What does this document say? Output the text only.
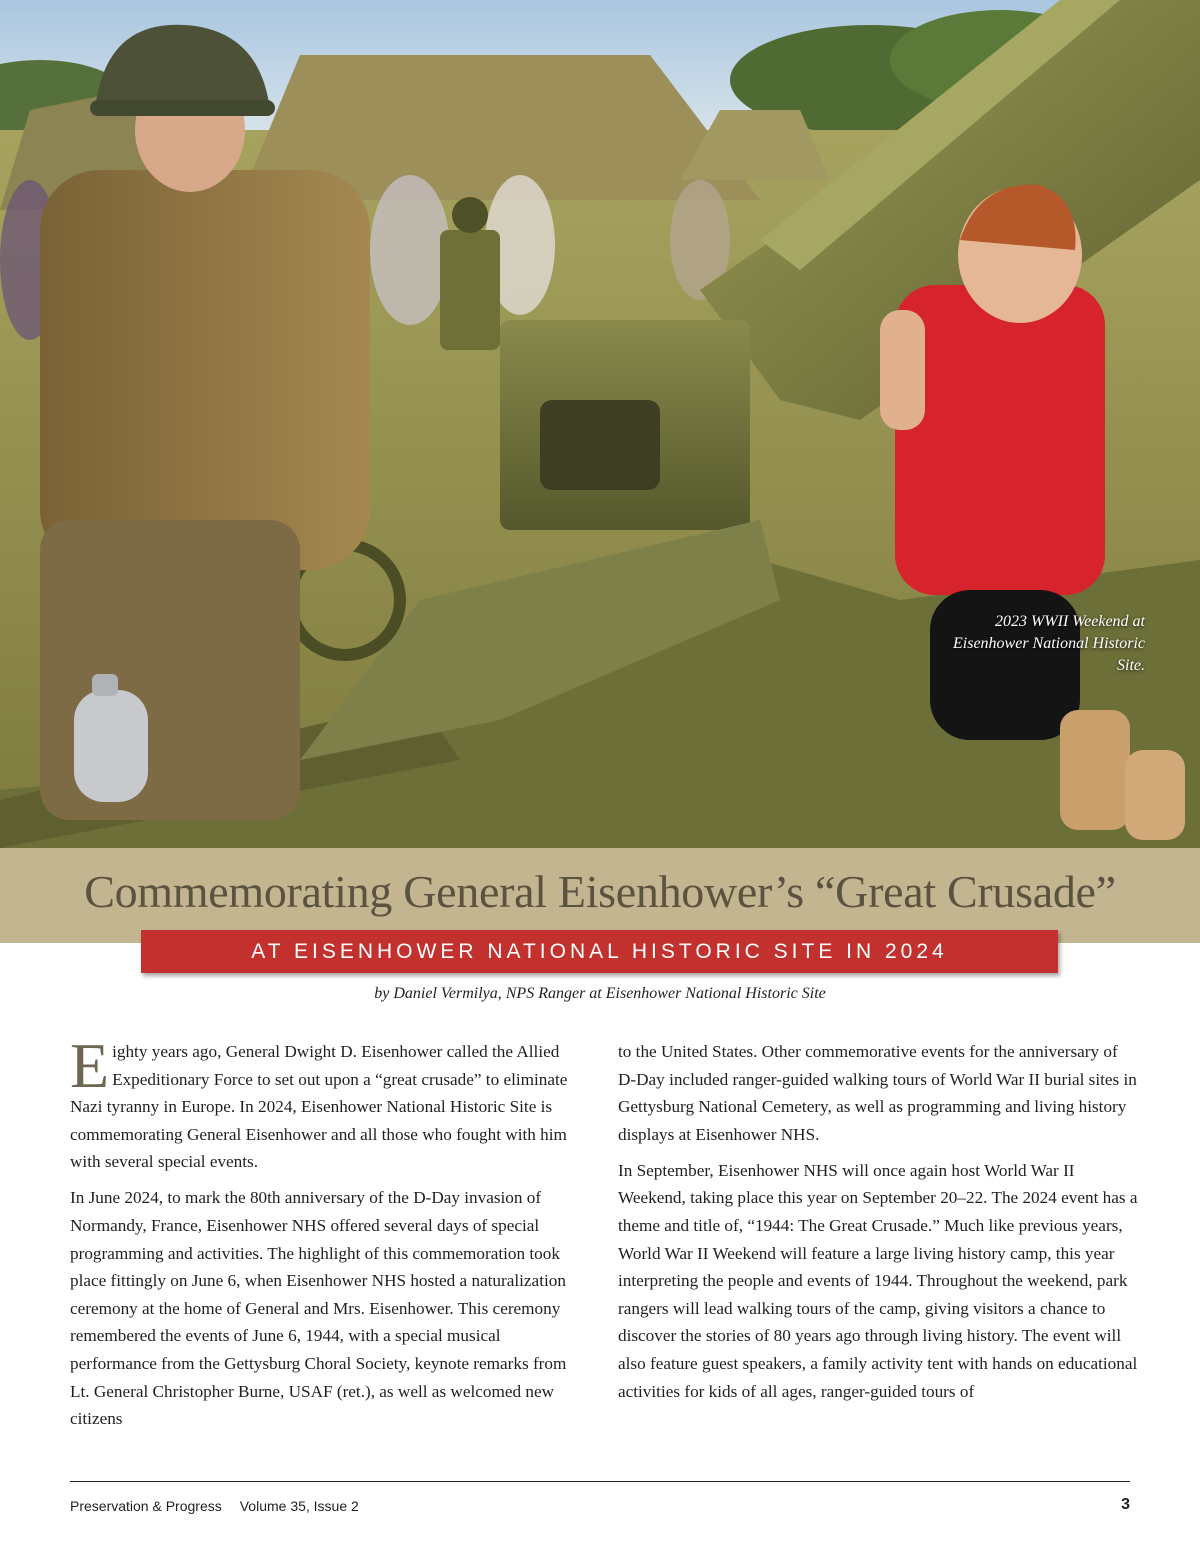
2023 WWII Weekend at Eisenhower National Historic Site.
Commemorating General Eisenhower’s “Great Crusade”
AT EISENHOWER NATIONAL HISTORIC SITE IN 2024
by Daniel Vermilya, NPS Ranger at Eisenhower National Historic Site

Eighty years ago, General Dwight D. Eisenhower called the Allied Expeditionary Force to set out upon a “great crusade” to eliminate Nazi tyranny in Europe. In 2024, Eisenhower National Historic Site is commemorating General Eisenhower and all those who fought with him with several special events.

In June 2024, to mark the 80th anniversary of the D-Day invasion of Normandy, France, Eisenhower NHS offered several days of special programming and activities. The highlight of this commemoration took place fittingly on June 6, when Eisenhower NHS hosted a naturalization ceremony at the home of General and Mrs. Eisenhower. This ceremony remembered the events of June 6, 1944, with a special musical performance from the Gettysburg Choral Society, keynote remarks from Lt. General Christopher Burne, USAF (ret.), as well as welcomed new citizens

to the United States. Other commemorative events for the anniversary of D-Day included ranger-guided walking tours of World War II burial sites in Gettysburg National Cemetery, as well as programming and living history displays at Eisenhower NHS.

In September, Eisenhower NHS will once again host World War II Weekend, taking place this year on September 20–22. The 2024 event has a theme and title of, “1944: The Great Crusade.” Much like previous years, World War II Weekend will feature a large living history camp, this year interpreting the people and events of 1944. Throughout the weekend, park rangers will lead walking tours of the camp, giving visitors a chance to discover the stories of 80 years ago through living history. The event will also feature guest speakers, a family activity tent with hands on educational activities for kids of all ages, ranger-guided tours of

Preservation & Progress Volume 35, Issue 2	3
